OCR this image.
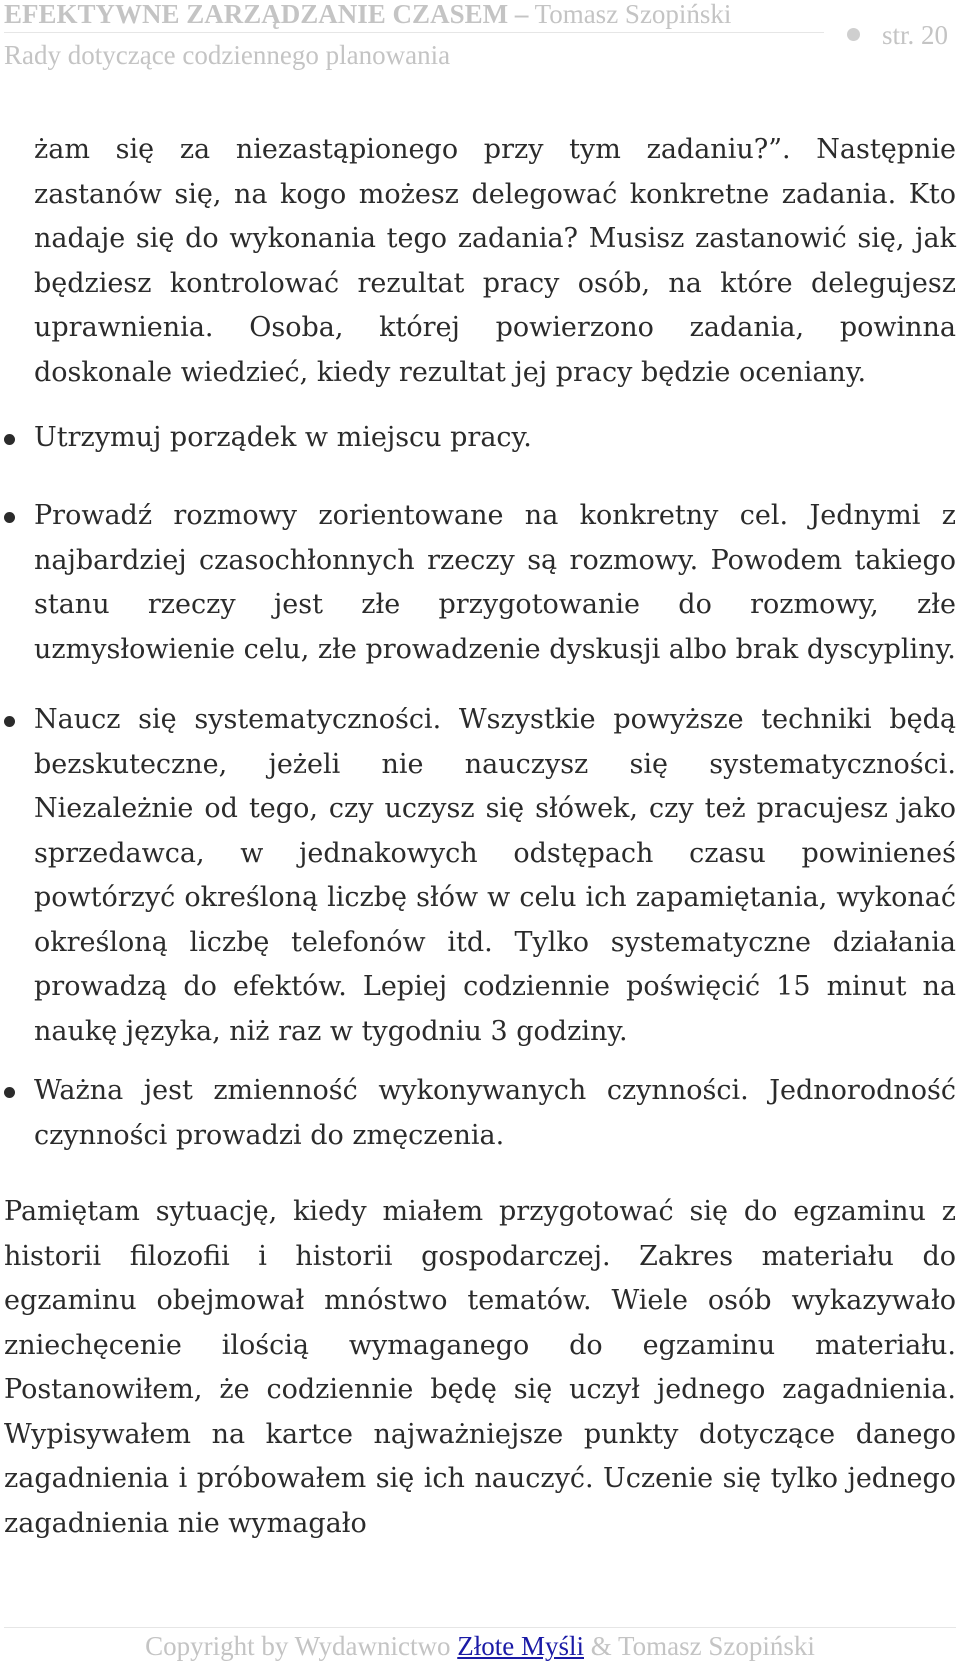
EFEKTYWNE ZARZĄDZANIE CZASEM – Tomasz Szopiński
Rady dotyczące codziennego planowania
str. 20

żam się za niezastąpionego przy tym zadaniu?”. Następnie zastanów się, na kogo możesz delegować konkretne zadania. Kto nadaje się do wykonania tego zadania? Musisz zastanowić się, jak będziesz kontrolować rezultat pracy osób, na które delegujesz uprawnienia. Osoba, której powierzono zadania, powinna doskonale wiedzieć, kiedy rezultat jej pracy będzie oceniany.

Utrzymuj porządek w miejscu pracy.

Prowadź rozmowy zorientowane na konkretny cel. Jednymi z najbardziej czasochłonnych rzeczy są rozmowy. Powodem takiego stanu rzeczy jest złe przygotowanie do rozmowy, złe uzmysłowienie celu, złe prowadzenie dyskusji albo brak dyscypliny.

Naucz się systematyczności. Wszystkie powyższe techniki będą bezskuteczne, jeżeli nie nauczysz się systematyczności. Niezależnie od tego, czy uczysz się słówek, czy też pracujesz jako sprzedawca, w jednakowych odstępach czasu powinieneś powtórzyć określoną liczbę słów w celu ich zapamiętania, wykonać określoną liczbę telefonów itd. Tylko systematyczne działania prowadzą do efektów. Lepiej codziennie poświęcić 15 minut na naukę języka, niż raz w tygodniu 3 godziny.

Ważna jest zmienność wykonywanych czynności. Jednorodność czynności prowadzi do zmęczenia.

Pamiętam sytuację, kiedy miałem przygotować się do egzaminu z historii filozofii i historii gospodarczej. Zakres materiału do egzaminu obejmował mnóstwo tematów. Wiele osób wykazywało zniechęcenie ilością wymaganego do egzaminu materiału. Postanowiłem, że codziennie będę się uczył jednego zagadnienia. Wypisywałem na kartce najważniejsze punkty dotyczące danego zagadnienia i próbowałem się ich nauczyć. Uczenie się tylko jednego zagadnienia nie wymagało

Copyright by Wydawnictwo Złote Myśli & Tomasz Szopiński
